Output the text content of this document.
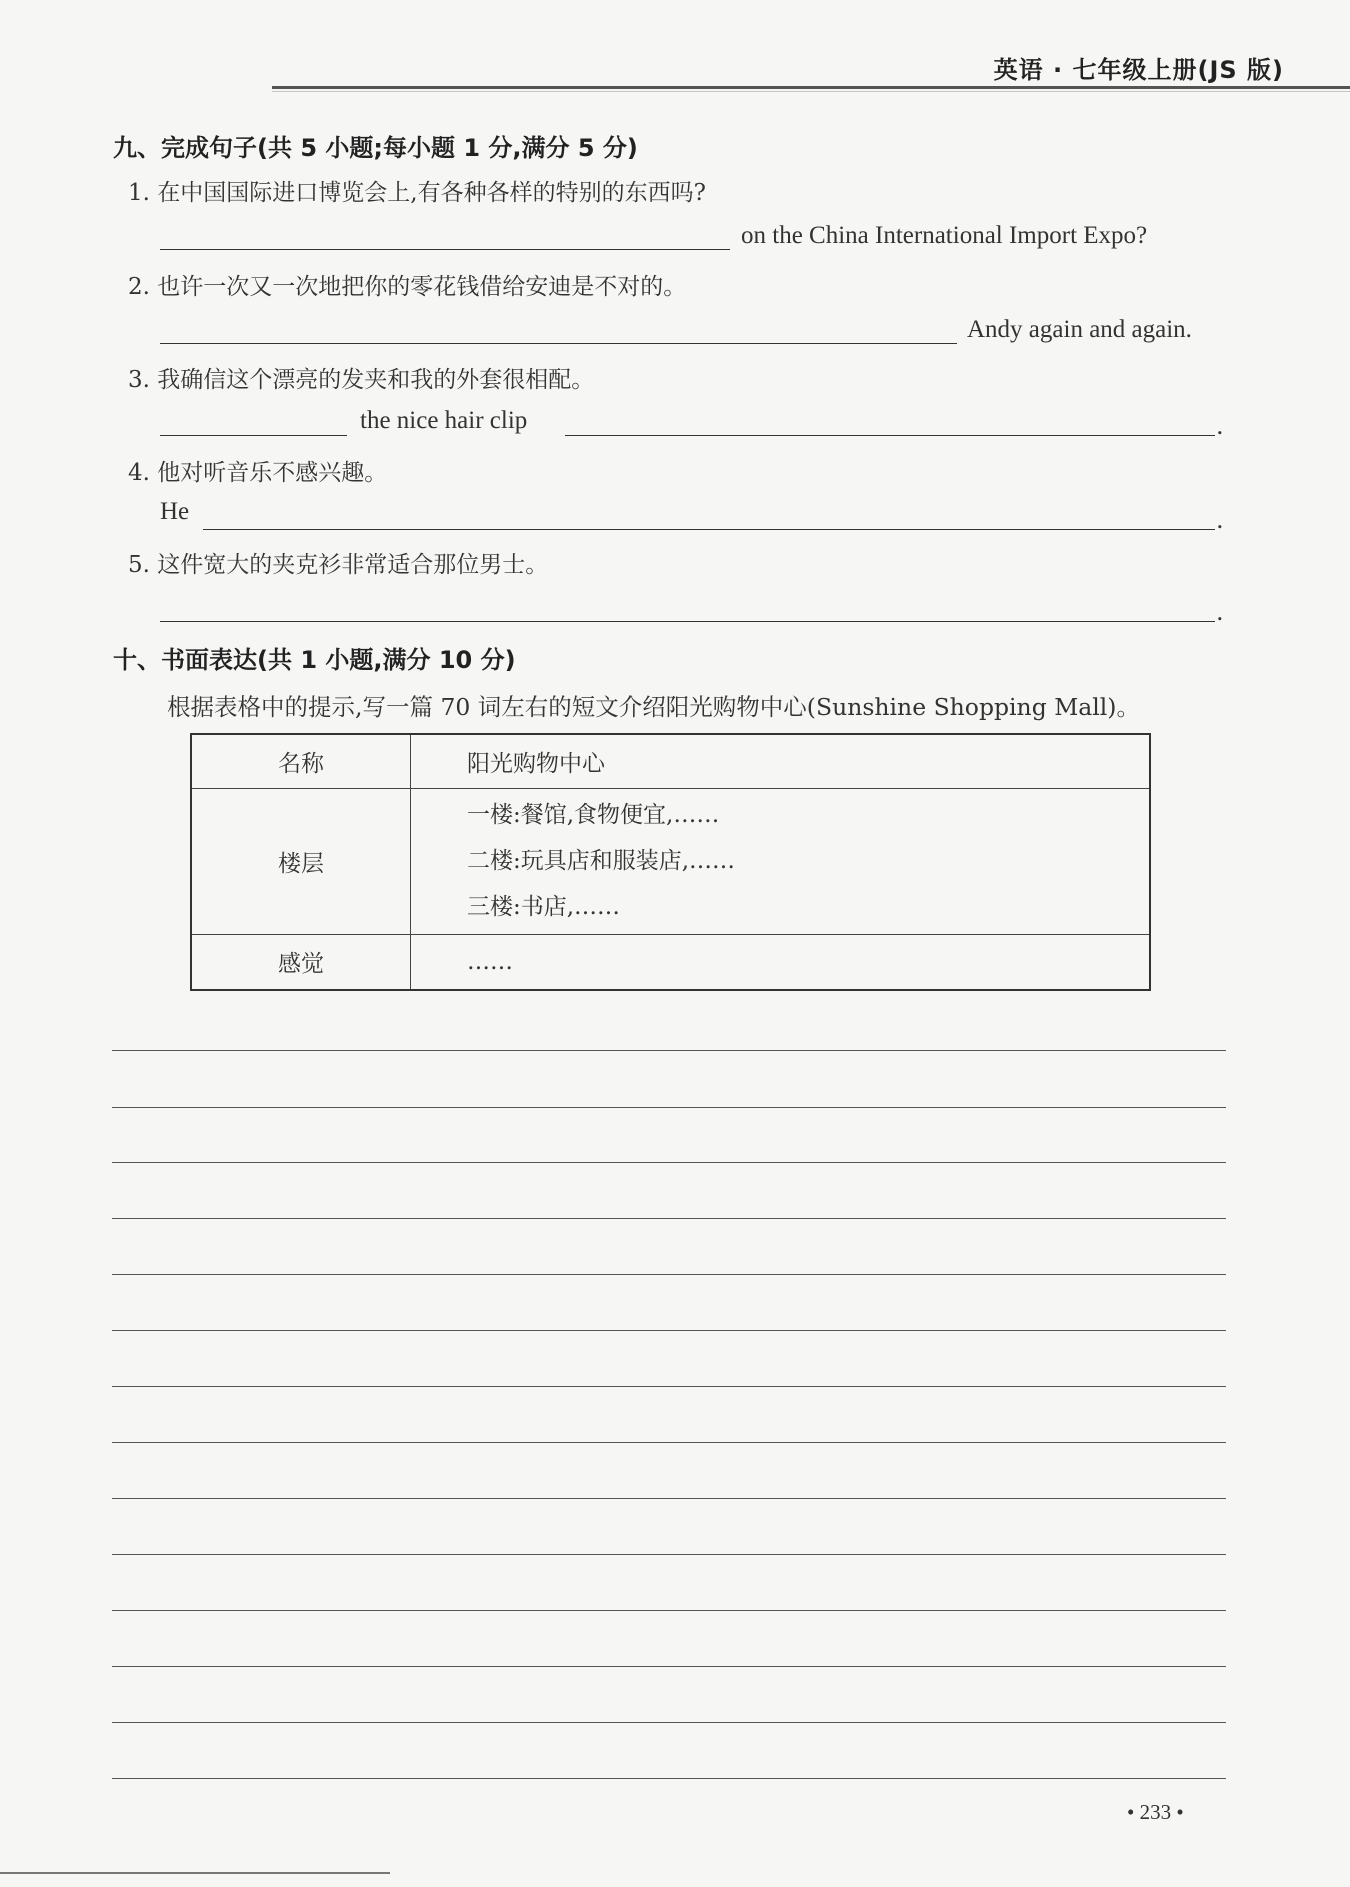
英语 · 七年级上册(JS 版)
九、完成句子(共 5 小题;每小题 1 分,满分 5 分)
1. 在中国国际进口博览会上,有各种各样的特别的东西吗?
on the China International Import Expo?
2. 也许一次又一次地把你的零花钱借给安迪是不对的。
Andy again and again.
3. 我确信这个漂亮的发夹和我的外套很相配。
the nice hair clip	.
4. 他对听音乐不感兴趣。
He	.
5. 这件宽大的夹克衫非常适合那位男士。
.
十、书面表达(共 1 小题,满分 10 分)
根据表格中的提示,写一篇 70 词左右的短文介绍阳光购物中心(Sunshine Shopping Mall)。
名称	阳光购物中心
楼层	一楼:餐馆,食物便宜,……
二楼:玩具店和服装店,……
三楼:书店,……

感觉	……
• 233 •
